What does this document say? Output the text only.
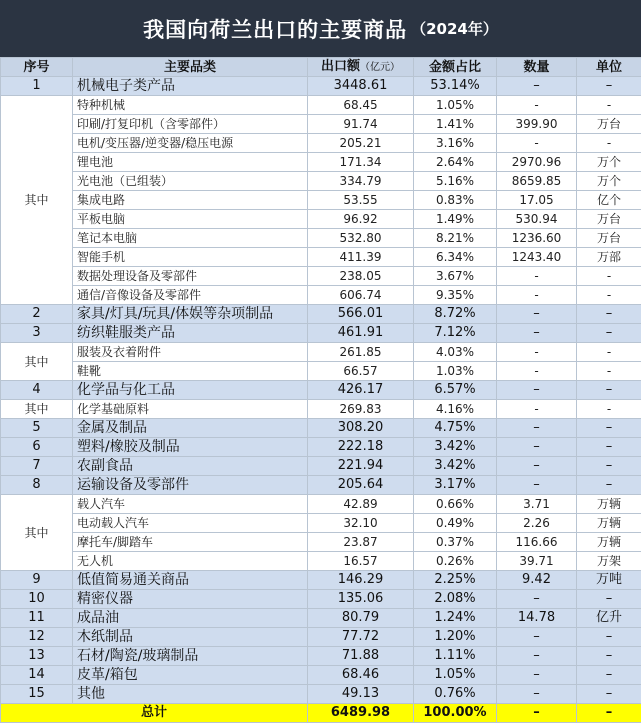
我国向荷兰出口的主要商品 （2024年）
序号	主要品类	出口额（亿元）	金额占比	数量	单位
1	机械电子类产品	3448.61	53.14%	–	–
其中	特种机械	68.45	1.05%	-	-
	印刷/打复印机（含零部件）	91.74	1.41%	399.90	万台
	电机/变压器/逆变器/稳压电源	205.21	3.16%	-	-
	锂电池	171.34	2.64%	2970.96	万个
	光电池（已组装）	334.79	5.16%	8659.85	万个
	集成电路	53.55	0.83%	17.05	亿个
	平板电脑	96.92	1.49%	530.94	万台
	笔记本电脑	532.80	8.21%	1236.60	万台
	智能手机	411.39	6.34%	1243.40	万部
	数据处理设备及零部件	238.05	3.67%	-	-
	通信/音像设备及零部件	606.74	9.35%	-	-
2	家具/灯具/玩具/体娱等杂项制品	566.01	8.72%	–	–
3	纺织鞋服类产品	461.91	7.12%	–	–
其中	服装及衣着附件	261.85	4.03%	-	-
	鞋靴	66.57	1.03%	-	-
4	化学品与化工品	426.17	6.57%	–	–
其中	化学基础原料	269.83	4.16%	-	-
5	金属及制品	308.20	4.75%	–	–
6	塑料/橡胶及制品	222.18	3.42%	–	–
7	农副食品	221.94	3.42%	–	–
8	运输设备及零部件	205.64	3.17%	–	–
其中	载人汽车	42.89	0.66%	3.71	万辆
	电动载人汽车	32.10	0.49%	2.26	万辆
	摩托车/脚踏车	23.87	0.37%	116.66	万辆
	无人机	16.57	0.26%	39.71	万架
9	低值简易通关商品	146.29	2.25%	9.42	万吨
10	精密仪器	135.06	2.08%	–	–
11	成品油	80.79	1.24%	14.78	亿升
12	木纸制品	77.72	1.20%	–	–
13	石材/陶瓷/玻璃制品	71.88	1.11%	–	–
14	皮革/箱包	68.46	1.05%	–	–
15	其他	49.13	0.76%	–	–
总计		6489.98	100.00%	–	–
